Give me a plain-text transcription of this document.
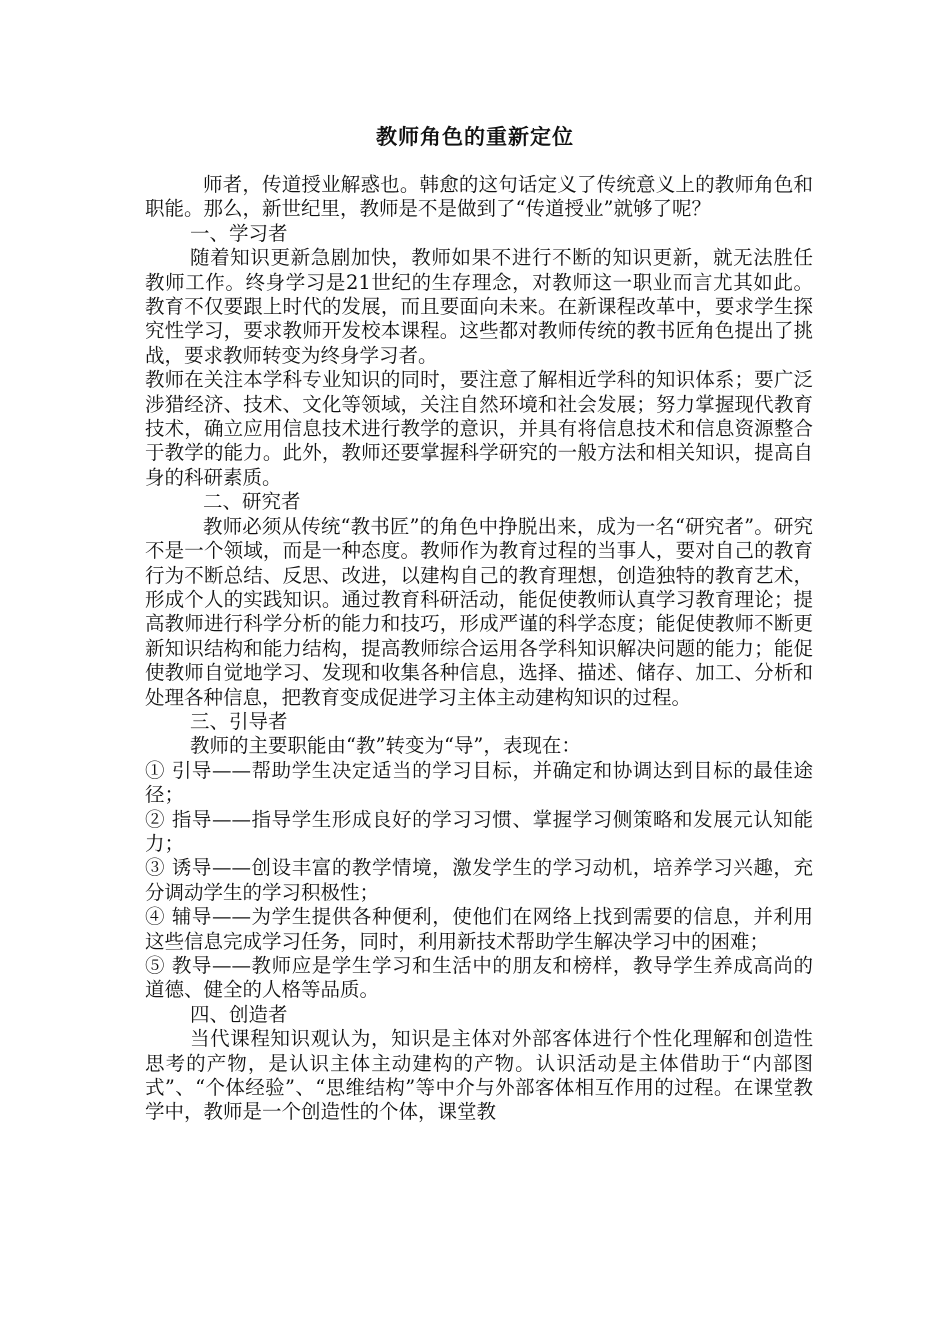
教师角色的重新定位

师者，传道授业解惑也。韩愈的这句话定义了传统意义上的教师角色和职能。那么，新世纪里，教师是不是做到了“传道授业”就够了呢？

一、学习者

随着知识更新急剧加快，教师如果不进行不断的知识更新，就无法胜任教师工作。终身学习是21世纪的生存理念，对教师这一职业而言尤其如此。教育不仅要跟上时代的发展，而且要面向未来。在新课程改革中，要求学生探究性学习，要求教师开发校本课程。这些都对教师传统的教书匠角色提出了挑战，要求教师转变为终身学习者。

教师在关注本学科专业知识的同时，要注意了解相近学科的知识体系；要广泛涉猎经济、技术、文化等领域，关注自然环境和社会发展；努力掌握现代教育技术，确立应用信息技术进行教学的意识，并具有将信息技术和信息资源整合于教学的能力。此外，教师还要掌握科学研究的一般方法和相关知识，提高自身的科研素质。

二、研究者

教师必须从传统“教书匠”的角色中挣脱出来，成为一名“研究者”。研究不是一个领域，而是一种态度。教师作为教育过程的当事人，要对自己的教育行为不断总结、反思、改进，以建构自己的教育理想，创造独特的教育艺术，形成个人的实践知识。通过教育科研活动，能促使教师认真学习教育理论；提高教师进行科学分析的能力和技巧，形成严谨的科学态度；能促使教师不断更新知识结构和能力结构，提高教师综合运用各学科知识解决问题的能力；能促使教师自觉地学习、发现和收集各种信息，选择、描述、储存、加工、分析和处理各种信息，把教育变成促进学习主体主动建构知识的过程。

三、引导者

教师的主要职能由“教”转变为“导”，表现在：

① 引导——帮助学生决定适当的学习目标，并确定和协调达到目标的最佳途径；

② 指导——指导学生形成良好的学习习惯、掌握学习侧策略和发展元认知能力；

③ 诱导——创设丰富的教学情境，激发学生的学习动机，培养学习兴趣，充分调动学生的学习积极性；

④ 辅导——为学生提供各种便利，使他们在网络上找到需要的信息，并利用这些信息完成学习任务，同时，利用新技术帮助学生解决学习中的困难；

⑤ 教导——教师应是学生学习和生活中的朋友和榜样，教导学生养成高尚的道德、健全的人格等品质。

四、创造者

当代课程知识观认为，知识是主体对外部客体进行个性化理解和创造性思考的产物，是认识主体主动建构的产物。认识活动是主体借助于“内部图式”、“个体经验”、“思维结构”等中介与外部客体相互作用的过程。在课堂教学中，教师是一个创造性的个体，课堂教
